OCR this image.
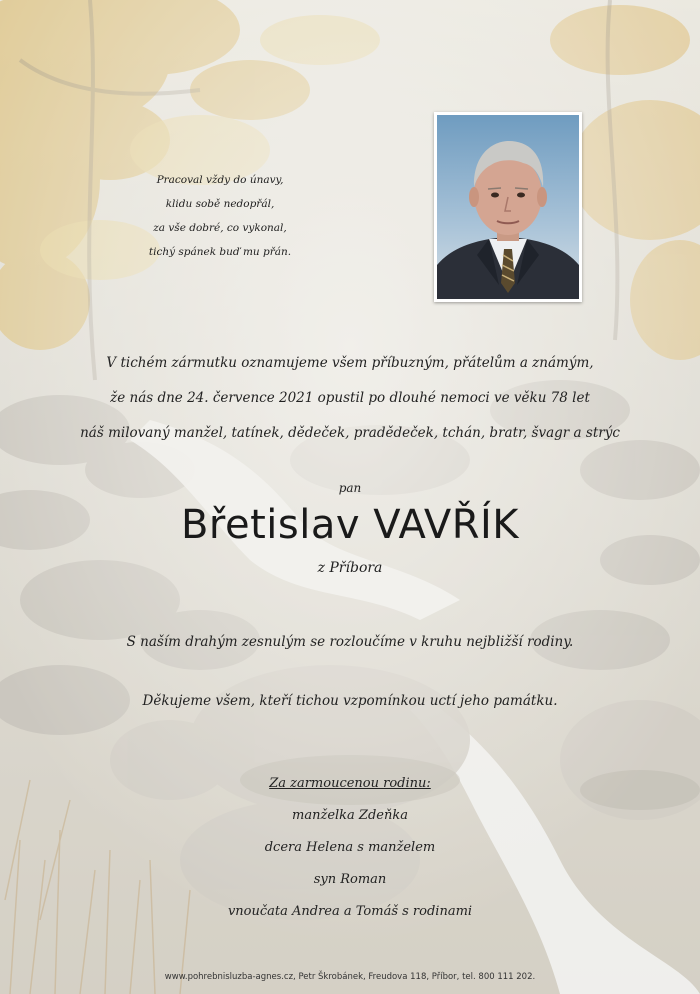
Pracoval vždy do únavy,
klidu sobě nedopřál,
za vše dobré, co vykonal,
tichý spánek buď mu přán.
V tichém zármutku oznamujeme všem příbuzným, přátelům a známým,
že nás dne 24. července 2021 opustil po dlouhé nemoci ve věku 78 let
náš milovaný manžel, tatínek, dědeček, pradědeček, tchán, bratr, švagr a strýc
pan
Břetislav VAVŘÍK
z Příbora
S naším drahým zesnulým se rozloučíme v kruhu nejbližší rodiny.
Děkujeme všem, kteří tichou vzpomínkou uctí jeho památku.
Za zarmoucenou rodinu:
manželka Zdeňka
dcera Helena s manželem
syn Roman
vnoučata Andrea a Tomáš s rodinami
www.pohrebnisluzba-agnes.cz, Petr Škrobánek, Freudova 118, Příbor, tel. 800 111 202.
